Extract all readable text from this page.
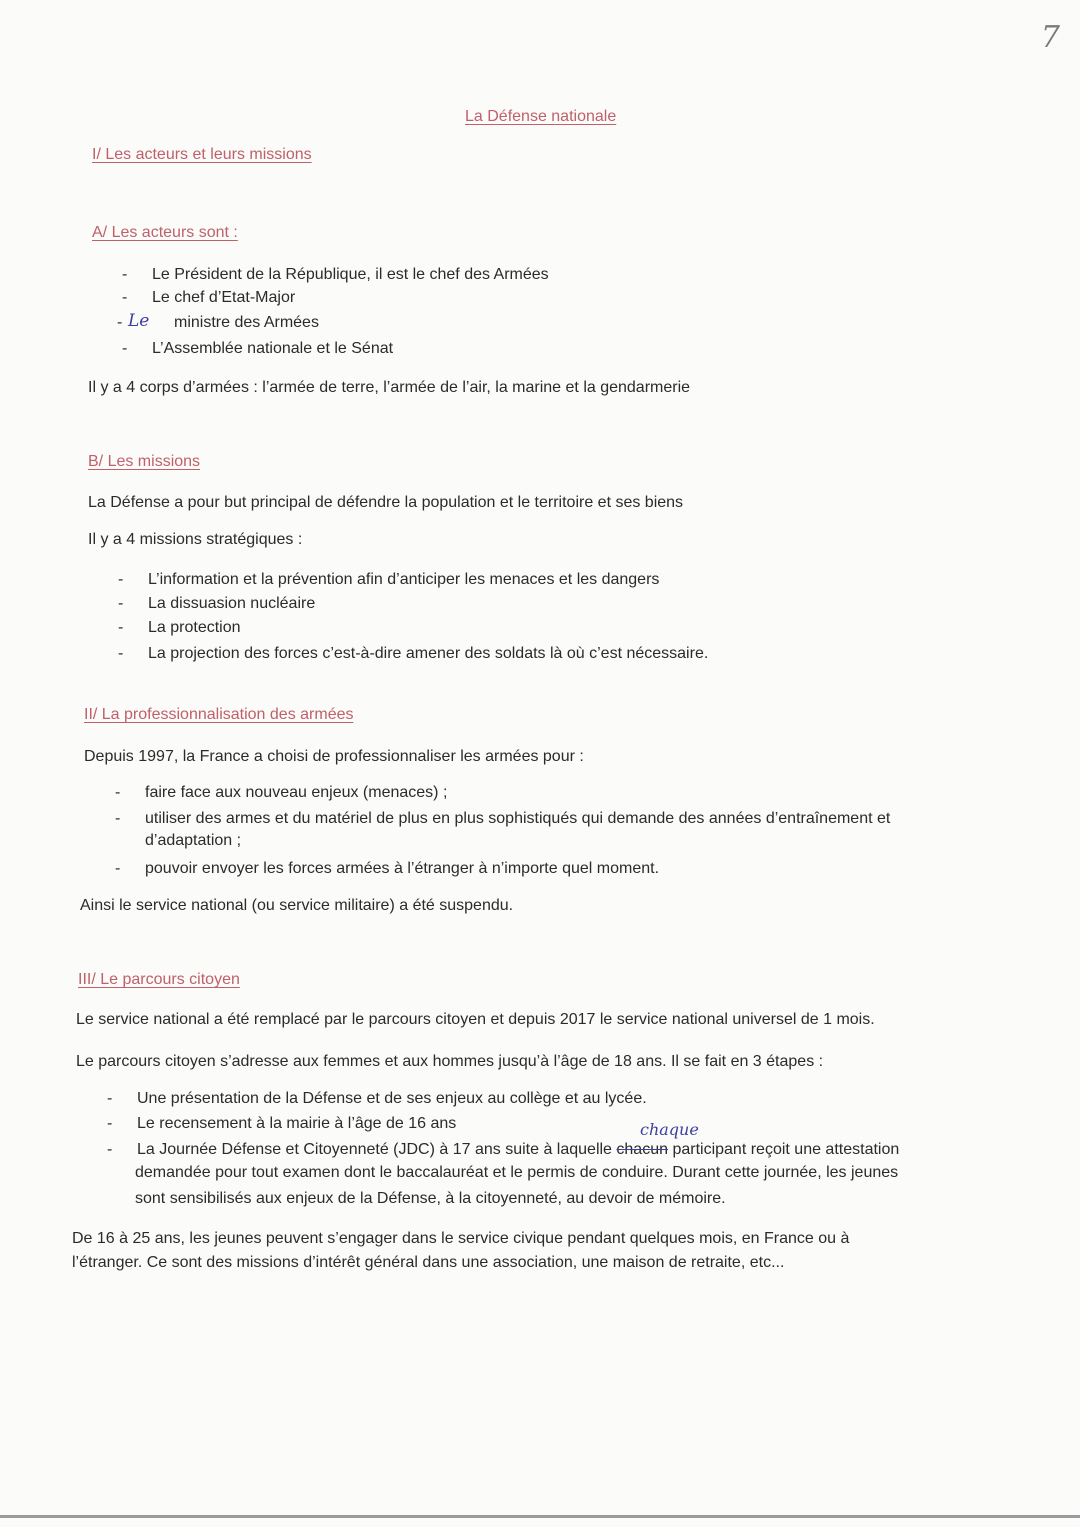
7
La Défense nationale
I/ Les acteurs et leurs missions
A/ Les acteurs sont :
- Le Président de la République, il est le chef des Armées
- Le chef d’Etat-Major
- Le ministre des Armées
- L’Assemblée nationale et le Sénat
Il y a 4 corps d’armées : l’armée de terre, l’armée de l’air, la marine et la gendarmerie
B/ Les missions
La Défense a pour but principal de défendre la population et le territoire et ses biens
Il y a 4 missions stratégiques :
- L’information et la prévention afin d’anticiper les menaces et les dangers
- La dissuasion nucléaire
- La protection
- La projection des forces c’est-à-dire amener des soldats là où c’est nécessaire.
II/ La professionnalisation des armées
Depuis 1997, la France a choisi de professionnaliser les armées pour :
- faire face aux nouveau enjeux (menaces) ;
- utiliser des armes et du matériel de plus en plus sophistiqués qui demande des années d’entraînement et
d’adaptation ;
- pouvoir envoyer les forces armées à l’étranger à n’importe quel moment.
Ainsi le service national (ou service militaire) a été suspendu.
III/ Le parcours citoyen
Le service national a été remplacé par le parcours citoyen et depuis 2017 le service national universel de 1 mois.
Le parcours citoyen s’adresse aux femmes et aux hommes jusqu’à l’âge de 18 ans. Il se fait en 3 étapes :
- Une présentation de la Défense et de ses enjeux au collège et au lycée.
- Le recensement à la mairie à l’âge de 16 ans
- La Journée Défense et Citoyenneté (JDC) à 17 ans suite à laquelle chacun participant reçoit une attestation
chaque
demandée pour tout examen dont le baccalauréat et le permis de conduire. Durant cette journée, les jeunes
sont sensibilisés aux enjeux de la Défense, à la citoyenneté, au devoir de mémoire.
De 16 à 25 ans, les jeunes peuvent s’engager dans le service civique pendant quelques mois, en France ou à
l’étranger. Ce sont des missions d’intérêt général dans une association, une maison de retraite, etc...
